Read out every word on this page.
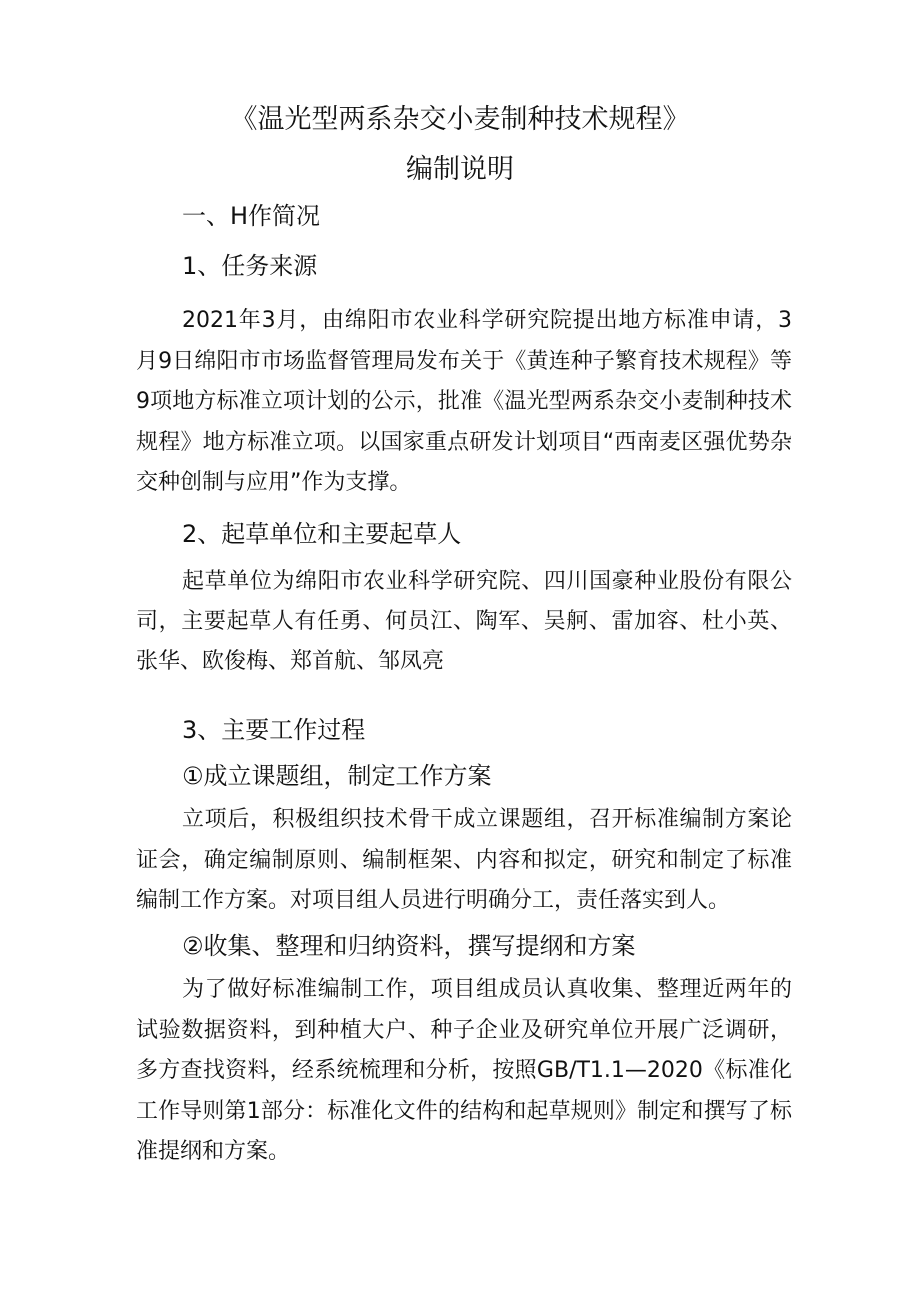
《温光型两系杂交小麦制种技术规程》
编制说明
一、H作简况
1、任务来源
2021年3月，由绵阳市农业科学研究院提出地方标准申请，3月9日绵阳市市场监督管理局发布关于《黄连种子繁育技术规程》等9项地方标准立项计划的公示，批准《温光型两系杂交小麦制种技术规程》地方标准立项。以国家重点研发计划项目“西南麦区强优势杂交种创制与应用”作为支撑。
2、起草单位和主要起草人
起草单位为绵阳市农业科学研究院、四川国豪种业股份有限公司，主要起草人有任勇、何员江、陶军、吴舸、雷加容、杜小英、张华、欧俊梅、郑首航、邹凤亮
3、主要工作过程
①成立课题组，制定工作方案
立项后，积极组织技术骨干成立课题组，召开标准编制方案论证会，确定编制原则、编制框架、内容和拟定，研究和制定了标准编制工作方案。对项目组人员进行明确分工，责任落实到人。
②收集、整理和归纳资料，撰写提纲和方案
为了做好标准编制工作，项目组成员认真收集、整理近两年的试验数据资料，到种植大户、种子企业及研究单位开展广泛调研，多方查找资料，经系统梳理和分析，按照GB/T1.1—2020《标准化工作导则第1部分：标准化文件的结构和起草规则》制定和撰写了标准提纲和方案。
